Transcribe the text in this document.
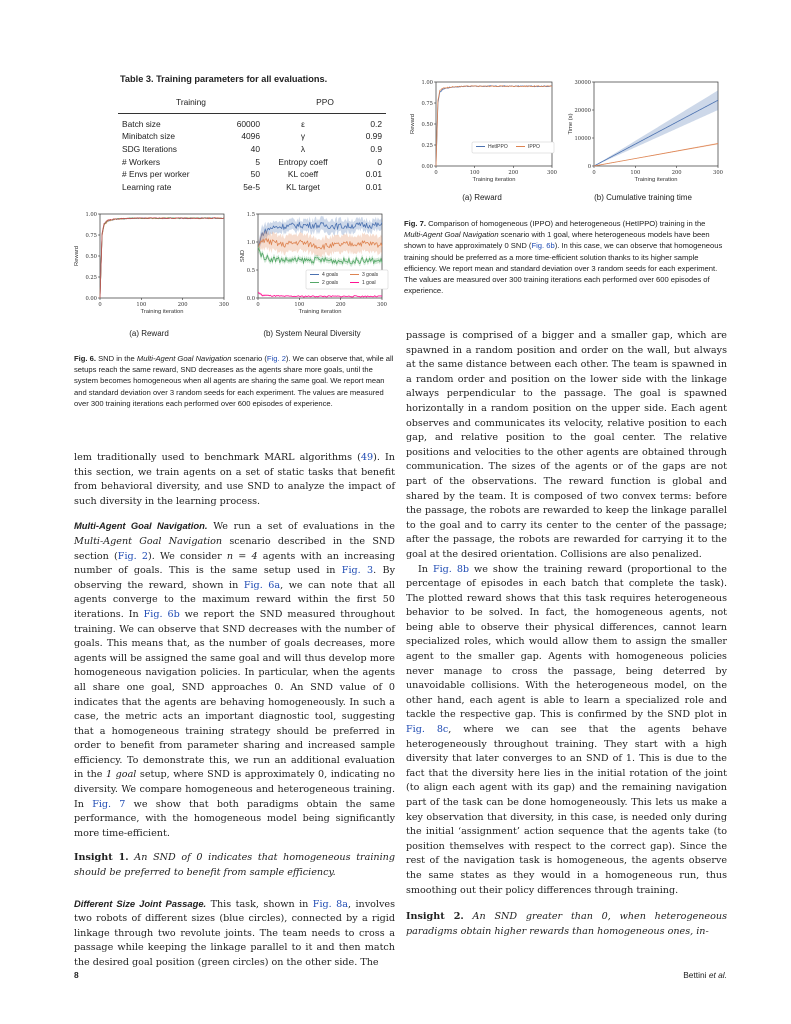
Table 3. Training parameters for all evaluations.
Training		PPO	
Batch size	60000	ε	0.2
Minibatch size	4096	γ	0.99
SDG Iterations	40	λ	0.9
# Workers	5	Entropy coeff	0
# Envs per worker	50	KL coeff	0.01
Learning rate	5e-5	KL target	0.01
0.00
0.25
0.50
0.75
1.00
0	100	200	300
Training iteration
Reward
HetIPPO	IPPO
0
10000
20000
30000
0	100	200	300
Training iteration
Time (s)
(a) Reward	(b) Cumulative training time
Fig. 7. Comparison of homogeneous (IPPO) and heterogeneous (HetIPPO) training in the Multi-Agent Goal Navigation scenario with 1 goal, where heterogeneous models have been shown to have approximately 0 SND (Fig. 6b). In this case, we can observe that homogeneous training should be preferred as a more time-efficient solution thanks to its higher sample efficiency. We report mean and standard deviation over 3 random seeds for each experiment. The values are measured over 300 training iterations each performed over 600 episodes of experience.
0.00
0.25
0.50
0.75
1.00
0	100	200	300
Training iteration
Reward
0.0
0.5
1.0
1.5
0	100	200	300
Training iteration
SND
4 goals
2 goals
3 goals
1 goal
(a) Reward	(b) System Neural Diversity
Fig. 6. SND in the Multi-Agent Goal Navigation scenario (Fig. 2). We can observe that, while all setups reach the same reward, SND decreases as the agents share more goals, until the system becomes homogeneous when all agents are sharing the same goal. We report mean and standard deviation over 3 random seeds for each experiment. The values are measured over 300 training iterations each performed over 600 episodes of experience.

lem traditionally used to benchmark MARL algorithms (49). In this section, we train agents on a set of static tasks that benefit from behavioral diversity, and use SND to analyze the impact of such diversity in the learning process.

Multi-Agent Goal Navigation. We run a set of evaluations in the Multi-Agent Goal Navigation scenario described in the SND section (Fig. 2). We consider n = 4 agents with an increasing number of goals. This is the same setup used in Fig. 3. By observing the reward, shown in Fig. 6a, we can note that all agents converge to the maximum reward within the first 50 iterations. In Fig. 6b we report the SND measured throughout training. We can observe that SND decreases with the number of goals. This means that, as the number of goals decreases, more agents will be assigned the same goal and will thus develop more homogeneous navigation policies. In particular, when the agents all share one goal, SND approaches 0. An SND value of 0 indicates that the agents are behaving homogeneously. In such a case, the metric acts an important diagnostic tool, suggesting that a homogeneous training strategy should be preferred in order to benefit from parameter sharing and increased sample efficiency. To demonstrate this, we run an additional evaluation in the 1 goal setup, where SND is approximately 0, indicating no diversity. We compare homogeneous and heterogeneous training. In Fig. 7 we show that both paradigms obtain the same performance, with the homogeneous model being significantly more time-efficient.

Insight 1. An SND of 0 indicates that homogeneous training should be preferred to benefit from sample efficiency.

Different Size Joint Passage. This task, shown in Fig. 8a, involves two robots of different sizes (blue circles), connected by a rigid linkage through two revolute joints. The team needs to cross a passage while keeping the linkage parallel to it and then match the desired goal position (green circles) on the other side. The

passage is comprised of a bigger and a smaller gap, which are spawned in a random position and order on the wall, but always at the same distance between each other. The team is spawned in a random order and position on the lower side with the linkage always perpendicular to the passage. The goal is spawned horizontally in a random position on the upper side. Each agent observes and communicates its velocity, relative position to each gap, and relative position to the goal center. The relative positions and velocities to the other agents are obtained through communication. The sizes of the agents or of the gaps are not part of the observations. The reward function is global and shared by the team. It is composed of two convex terms: before the passage, the robots are rewarded to keep the linkage parallel to the goal and to carry its center to the center of the passage; after the passage, the robots are rewarded for carrying it to the goal at the desired orientation. Collisions are also penalized.

In Fig. 8b we show the training reward (proportional to the percentage of episodes in each batch that complete the task). The plotted reward shows that this task requires heterogeneous behavior to be solved. In fact, the homogeneous agents, not being able to observe their physical differences, cannot learn specialized roles, which would allow them to assign the smaller agent to the smaller gap. Agents with homogeneous policies never manage to cross the passage, being deterred by unavoidable collisions. With the heterogeneous model, on the other hand, each agent is able to learn a specialized role and tackle the respective gap. This is confirmed by the SND plot in Fig. 8c, where we can see that the agents behave heterogeneously throughout training. They start with a high diversity that later converges to an SND of 1. This is due to the fact that the diversity here lies in the initial rotation of the joint (to align each agent with its gap) and the remaining navigation part of the task can be done homogeneously. This lets us make a key observation that diversity, in this case, is needed only during the initial ‘assignment’ action sequence that the agents take (to position themselves with respect to the correct gap). Since the rest of the navigation task is homogeneous, the agents observe the same states as they would in a homogeneous run, thus smoothing out their policy differences through training.

Insight 2. An SND greater than 0, when heterogeneous paradigms obtain higher rewards than homogeneous ones, in-

8	Bettini et al.
